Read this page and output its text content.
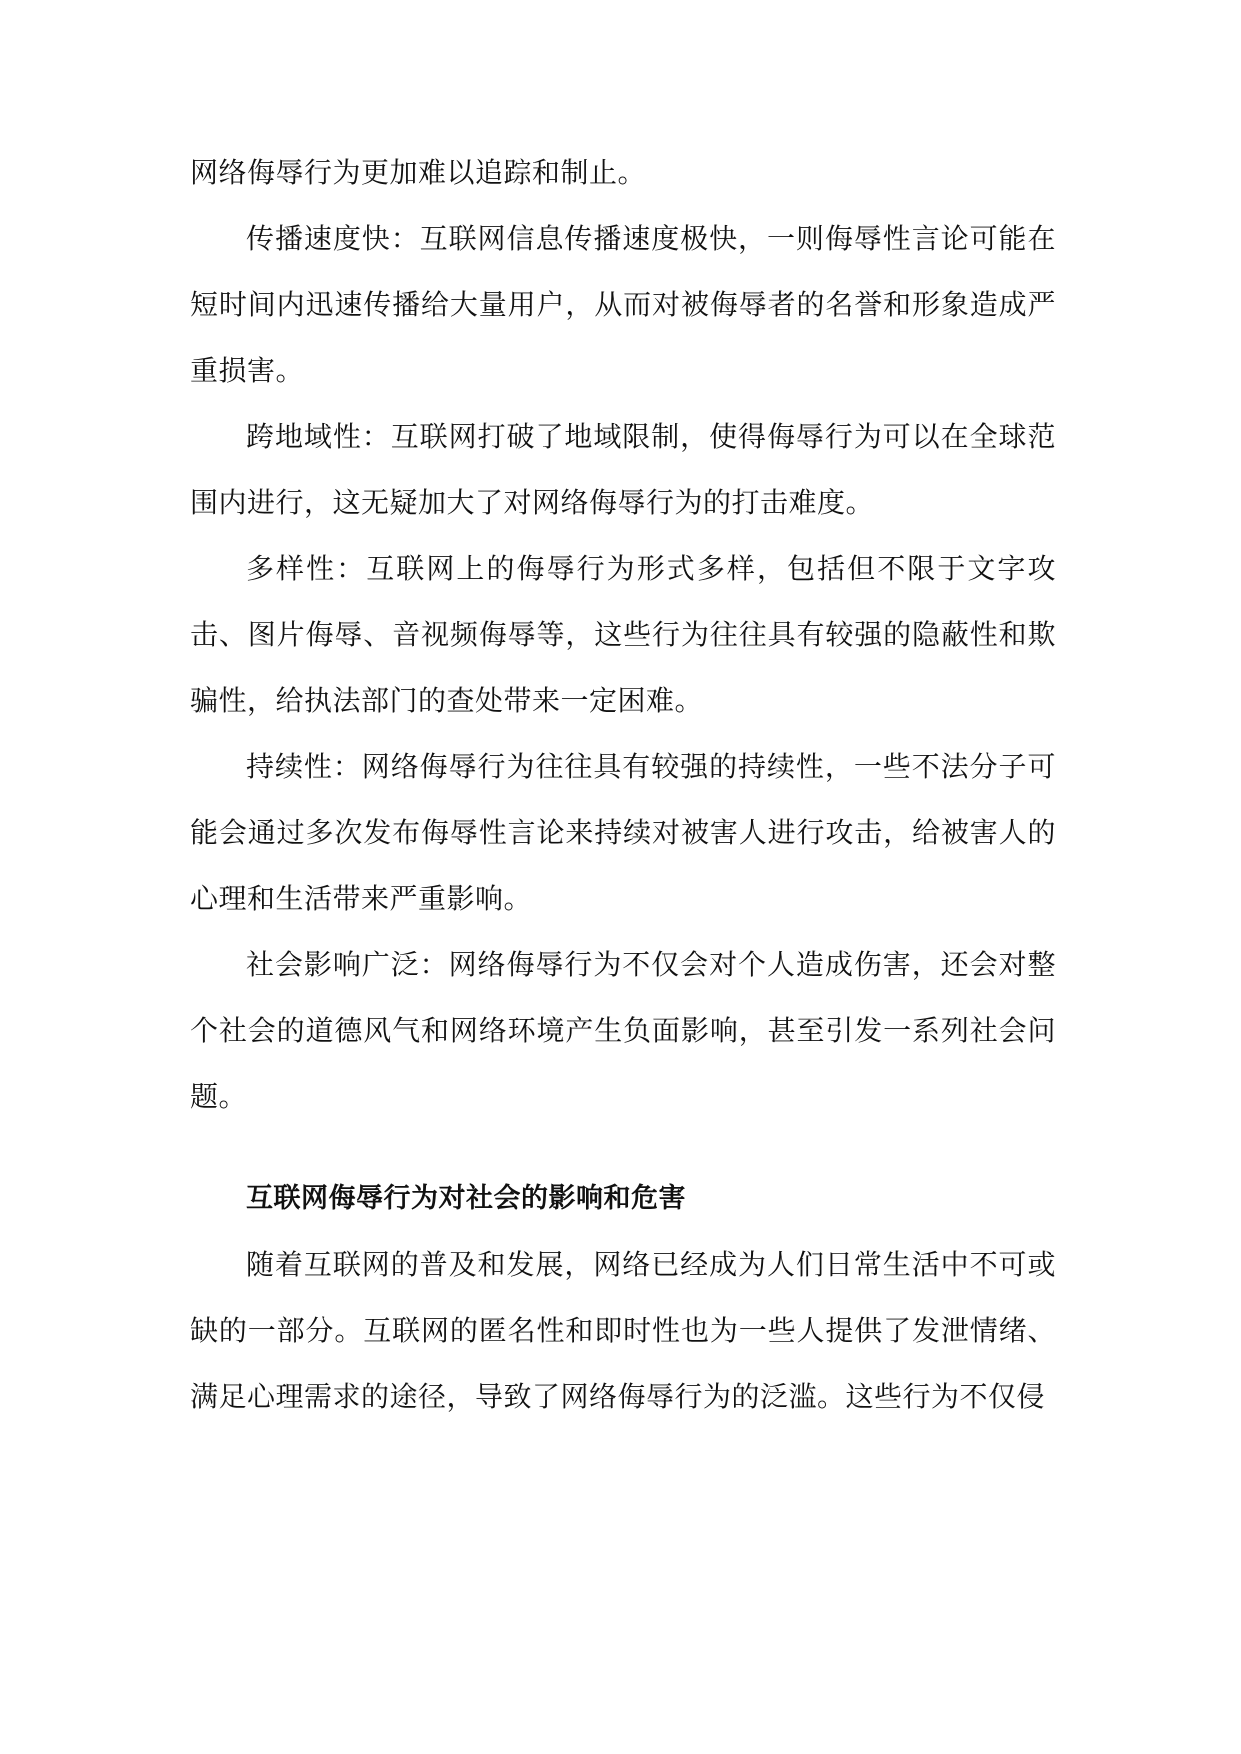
网络侮辱行为更加难以追踪和制止。

传播速度快：互联网信息传播速度极快，一则侮辱性言论可能在短时间内迅速传播给大量用户，从而对被侮辱者的名誉和形象造成严重损害。

跨地域性：互联网打破了地域限制，使得侮辱行为可以在全球范围内进行，这无疑加大了对网络侮辱行为的打击难度。

多样性：互联网上的侮辱行为形式多样，包括但不限于文字攻击、图片侮辱、音视频侮辱等，这些行为往往具有较强的隐蔽性和欺骗性，给执法部门的查处带来一定困难。

持续性：网络侮辱行为往往具有较强的持续性，一些不法分子可能会通过多次发布侮辱性言论来持续对被害人进行攻击，给被害人的心理和生活带来严重影响。

社会影响广泛：网络侮辱行为不仅会对个人造成伤害，还会对整个社会的道德风气和网络环境产生负面影响，甚至引发一系列社会问题。

互联网侮辱行为对社会的影响和危害

随着互联网的普及和发展，网络已经成为人们日常生活中不可或缺的一部分。互联网的匿名性和即时性也为一些人提供了发泄情绪、满足心理需求的途径，导致了网络侮辱行为的泛滥。这些行为不仅侵
